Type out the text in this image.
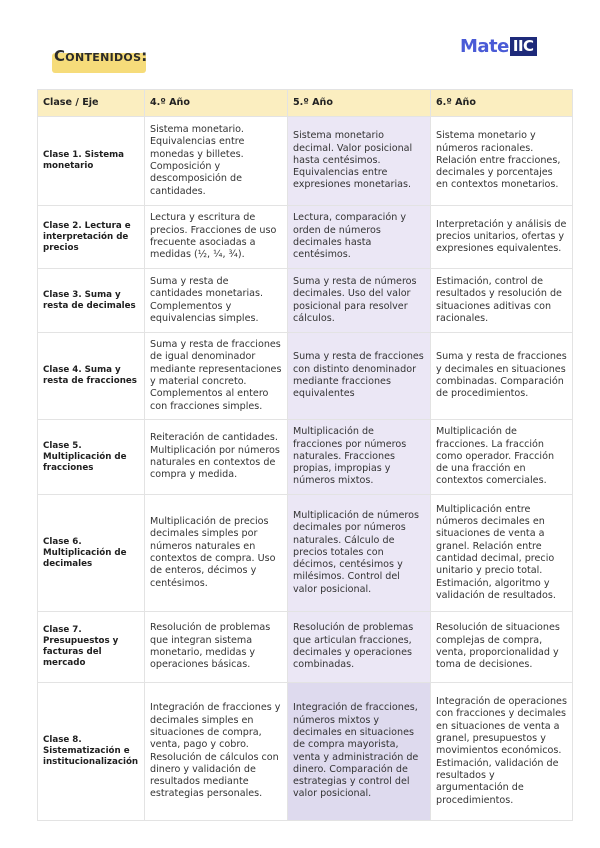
Contenidos:	Mate IIC
Clase / Eje	4.º Año	5.º Año	6.º Año
Clase 1. Sistema monetario	Sistema monetario. Equivalencias entre monedas y billetes. Composición y descomposición de cantidades.	Sistema monetario decimal. Valor posicional hasta centésimos. Equivalencias entre expresiones monetarias.	Sistema monetario y números racionales. Relación entre fracciones, decimales y porcentajes en contextos monetarios.
Clase 2. Lectura e interpretación de precios	Lectura y escritura de precios. Fracciones de uso frecuente asociadas a medidas (½, ¼, ¾).	Lectura, comparación y orden de números decimales hasta centésimos.	Interpretación y análisis de precios unitarios, ofertas y expresiones equivalentes.
Clase 3. Suma y resta de decimales	Suma y resta de cantidades monetarias. Complementos y equivalencias simples.	Suma y resta de números decimales. Uso del valor posicional para resolver cálculos.	Estimación, control de resultados y resolución de situaciones aditivas con racionales.
Clase 4. Suma y resta de fracciones	Suma y resta de fracciones de igual denominador mediante representaciones y material concreto. Complementos al entero con fracciones simples.	Suma y resta de fracciones con distinto denominador mediante fracciones equivalentes	Suma y resta de fracciones y decimales en situaciones combinadas. Comparación de procedimientos.
Clase 5. Multiplicación de fracciones	Reiteración de cantidades. Multiplicación por números naturales en contextos de compra y medida.	Multiplicación de fracciones por números naturales. Fracciones propias, impropias y números mixtos.	Multiplicación de fracciones. La fracción como operador. Fracción de una fracción en contextos comerciales.
Clase 6. Multiplicación de decimales	Multiplicación de precios decimales simples por números naturales en contextos de compra. Uso de enteros, décimos y centésimos.	Multiplicación de números decimales por números naturales. Cálculo de precios totales con décimos, centésimos y milésimos. Control del valor posicional.	Multiplicación entre números decimales en situaciones de venta a granel. Relación entre cantidad decimal, precio unitario y precio total. Estimación, algoritmo y validación de resultados.
Clase 7. Presupuestos y facturas del mercado	Resolución de problemas que integran sistema monetario, medidas y operaciones básicas.	Resolución de problemas que articulan fracciones, decimales y operaciones combinadas.	Resolución de situaciones complejas de compra, venta, proporcionalidad y toma de decisiones.
Clase 8. Sistematización e institucionalización	Integración de fracciones y decimales simples en situaciones de compra, venta, pago y cobro. Resolución de cálculos con dinero y validación de resultados mediante estrategias personales.	Integración de fracciones, números mixtos y decimales en situaciones de compra mayorista, venta y administración de dinero. Comparación de estrategias y control del valor posicional.	Integración de operaciones con fracciones y decimales en situaciones de venta a granel, presupuestos y movimientos económicos. Estimación, validación de resultados y argumentación de procedimientos.
